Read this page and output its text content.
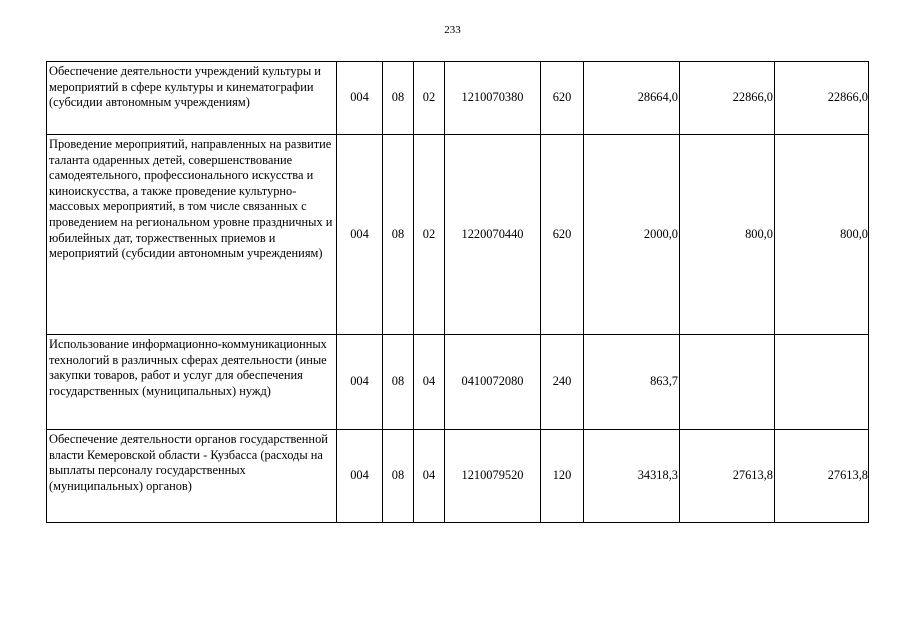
233
Обеспечение деятельности учреждений культуры и мероприятий в сфере культуры и кинематографии (субсидии автономным учреждениям)	004	08	02	1210070380	620	28664,0	22866,0	22866,0
Проведение мероприятий, направленных на развитие таланта одаренных детей, совершенствование самодеятельного, профессионального искусства и киноискусства, а также проведение культурно-массовых мероприятий, в том числе связанных с проведением на региональном уровне праздничных и юбилейных дат, торжественных приемов и мероприятий (субсидии автономным учреждениям)	004	08	02	1220070440	620	2000,0	800,0	800,0
Использование информационно-коммуникационных технологий в различных сферах деятельности (иные закупки товаров, работ и услуг для обеспечения государственных (муниципальных) нужд)	004	08	04	0410072080	240	863,7		
Обеспечение деятельности органов государственной власти Кемеровской области - Кузбасса (расходы на выплаты персоналу государственных (муниципальных) органов)	004	08	04	1210079520	120	34318,3	27613,8	27613,8
